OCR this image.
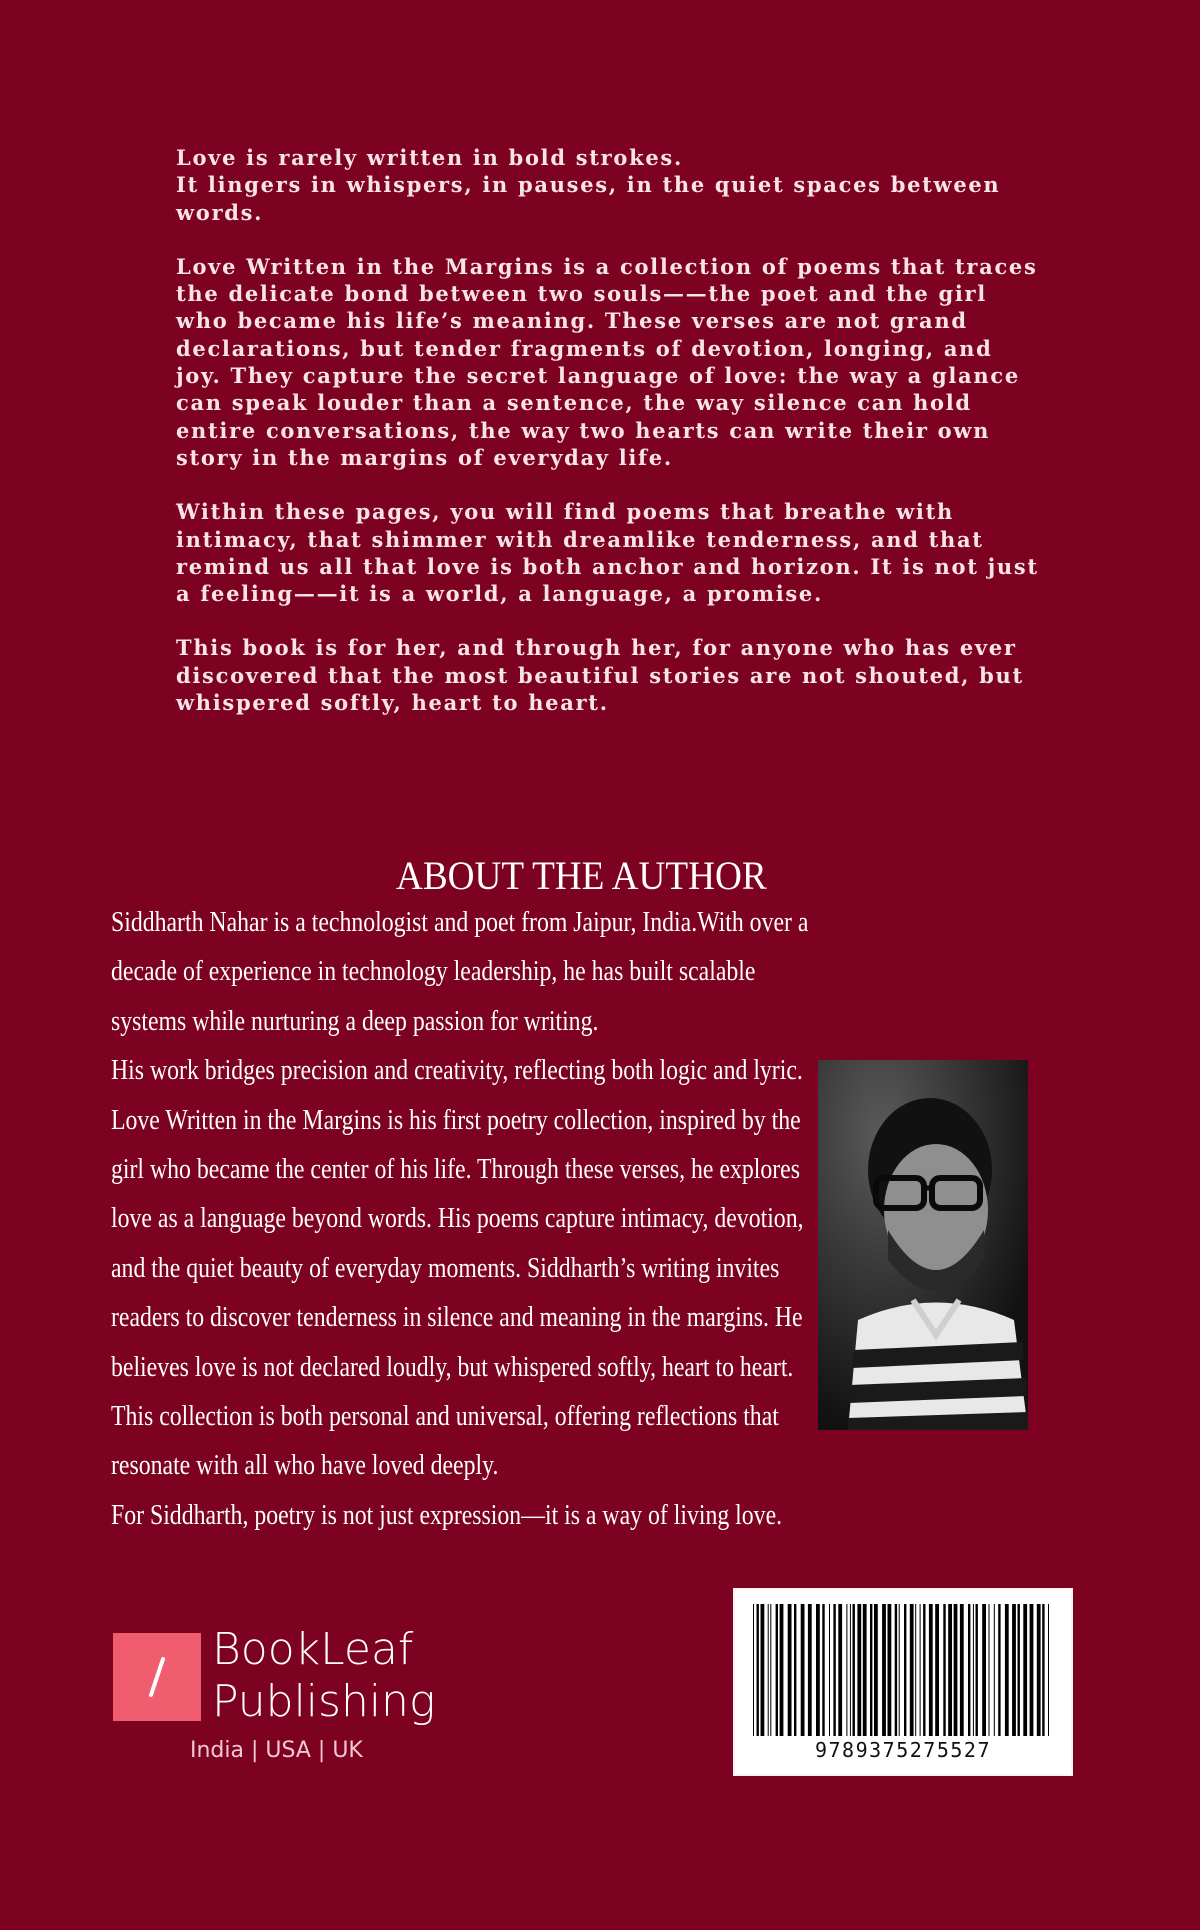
Love is rarely written in bold strokes.
It lingers in whispers, in pauses, in the quiet spaces between words.

Love Written in the Margins is a collection of poems that traces the delicate bond between two souls——the poet and the girl who became his life’s meaning. These verses are not grand declarations, but tender fragments of devotion, longing, and joy. They capture the secret language of love: the way a glance can speak louder than a sentence, the way silence can hold entire conversations, the way two hearts can write their own story in the margins of everyday life.

Within these pages, you will find poems that breathe with intimacy, that shimmer with dreamlike tenderness, and that remind us all that love is both anchor and horizon. It is not just a feeling——it is a world, a language, a promise.

This book is for her, and through her, for anyone who has ever discovered that the most beautiful stories are not shouted, but whispered softly, heart to heart.

ABOUT THE AUTHOR

Siddharth Nahar is a technologist and poet from Jaipur, India.With over a decade of experience in technology leadership, he has built scalable systems while nurturing a deep passion for writing.

His work bridges precision and creativity, reflecting both logic and lyric. Love Written in the Margins is his first poetry collection, inspired by the girl who became the center of his life. Through these verses, he explores love as a language beyond words. His poems capture intimacy, devotion, and the quiet beauty of everyday moments. Siddharth’s writing invites readers to discover tenderness in silence and meaning in the margins. He believes love is not declared loudly, but whispered softly, heart to heart.

This collection is both personal and universal, offering reflections that resonate with all who have loved deeply.

For Siddharth, poetry is not just expression—it is a way of living love.

BookLeaf
Publishing
India | USA | UK	9789375275527
